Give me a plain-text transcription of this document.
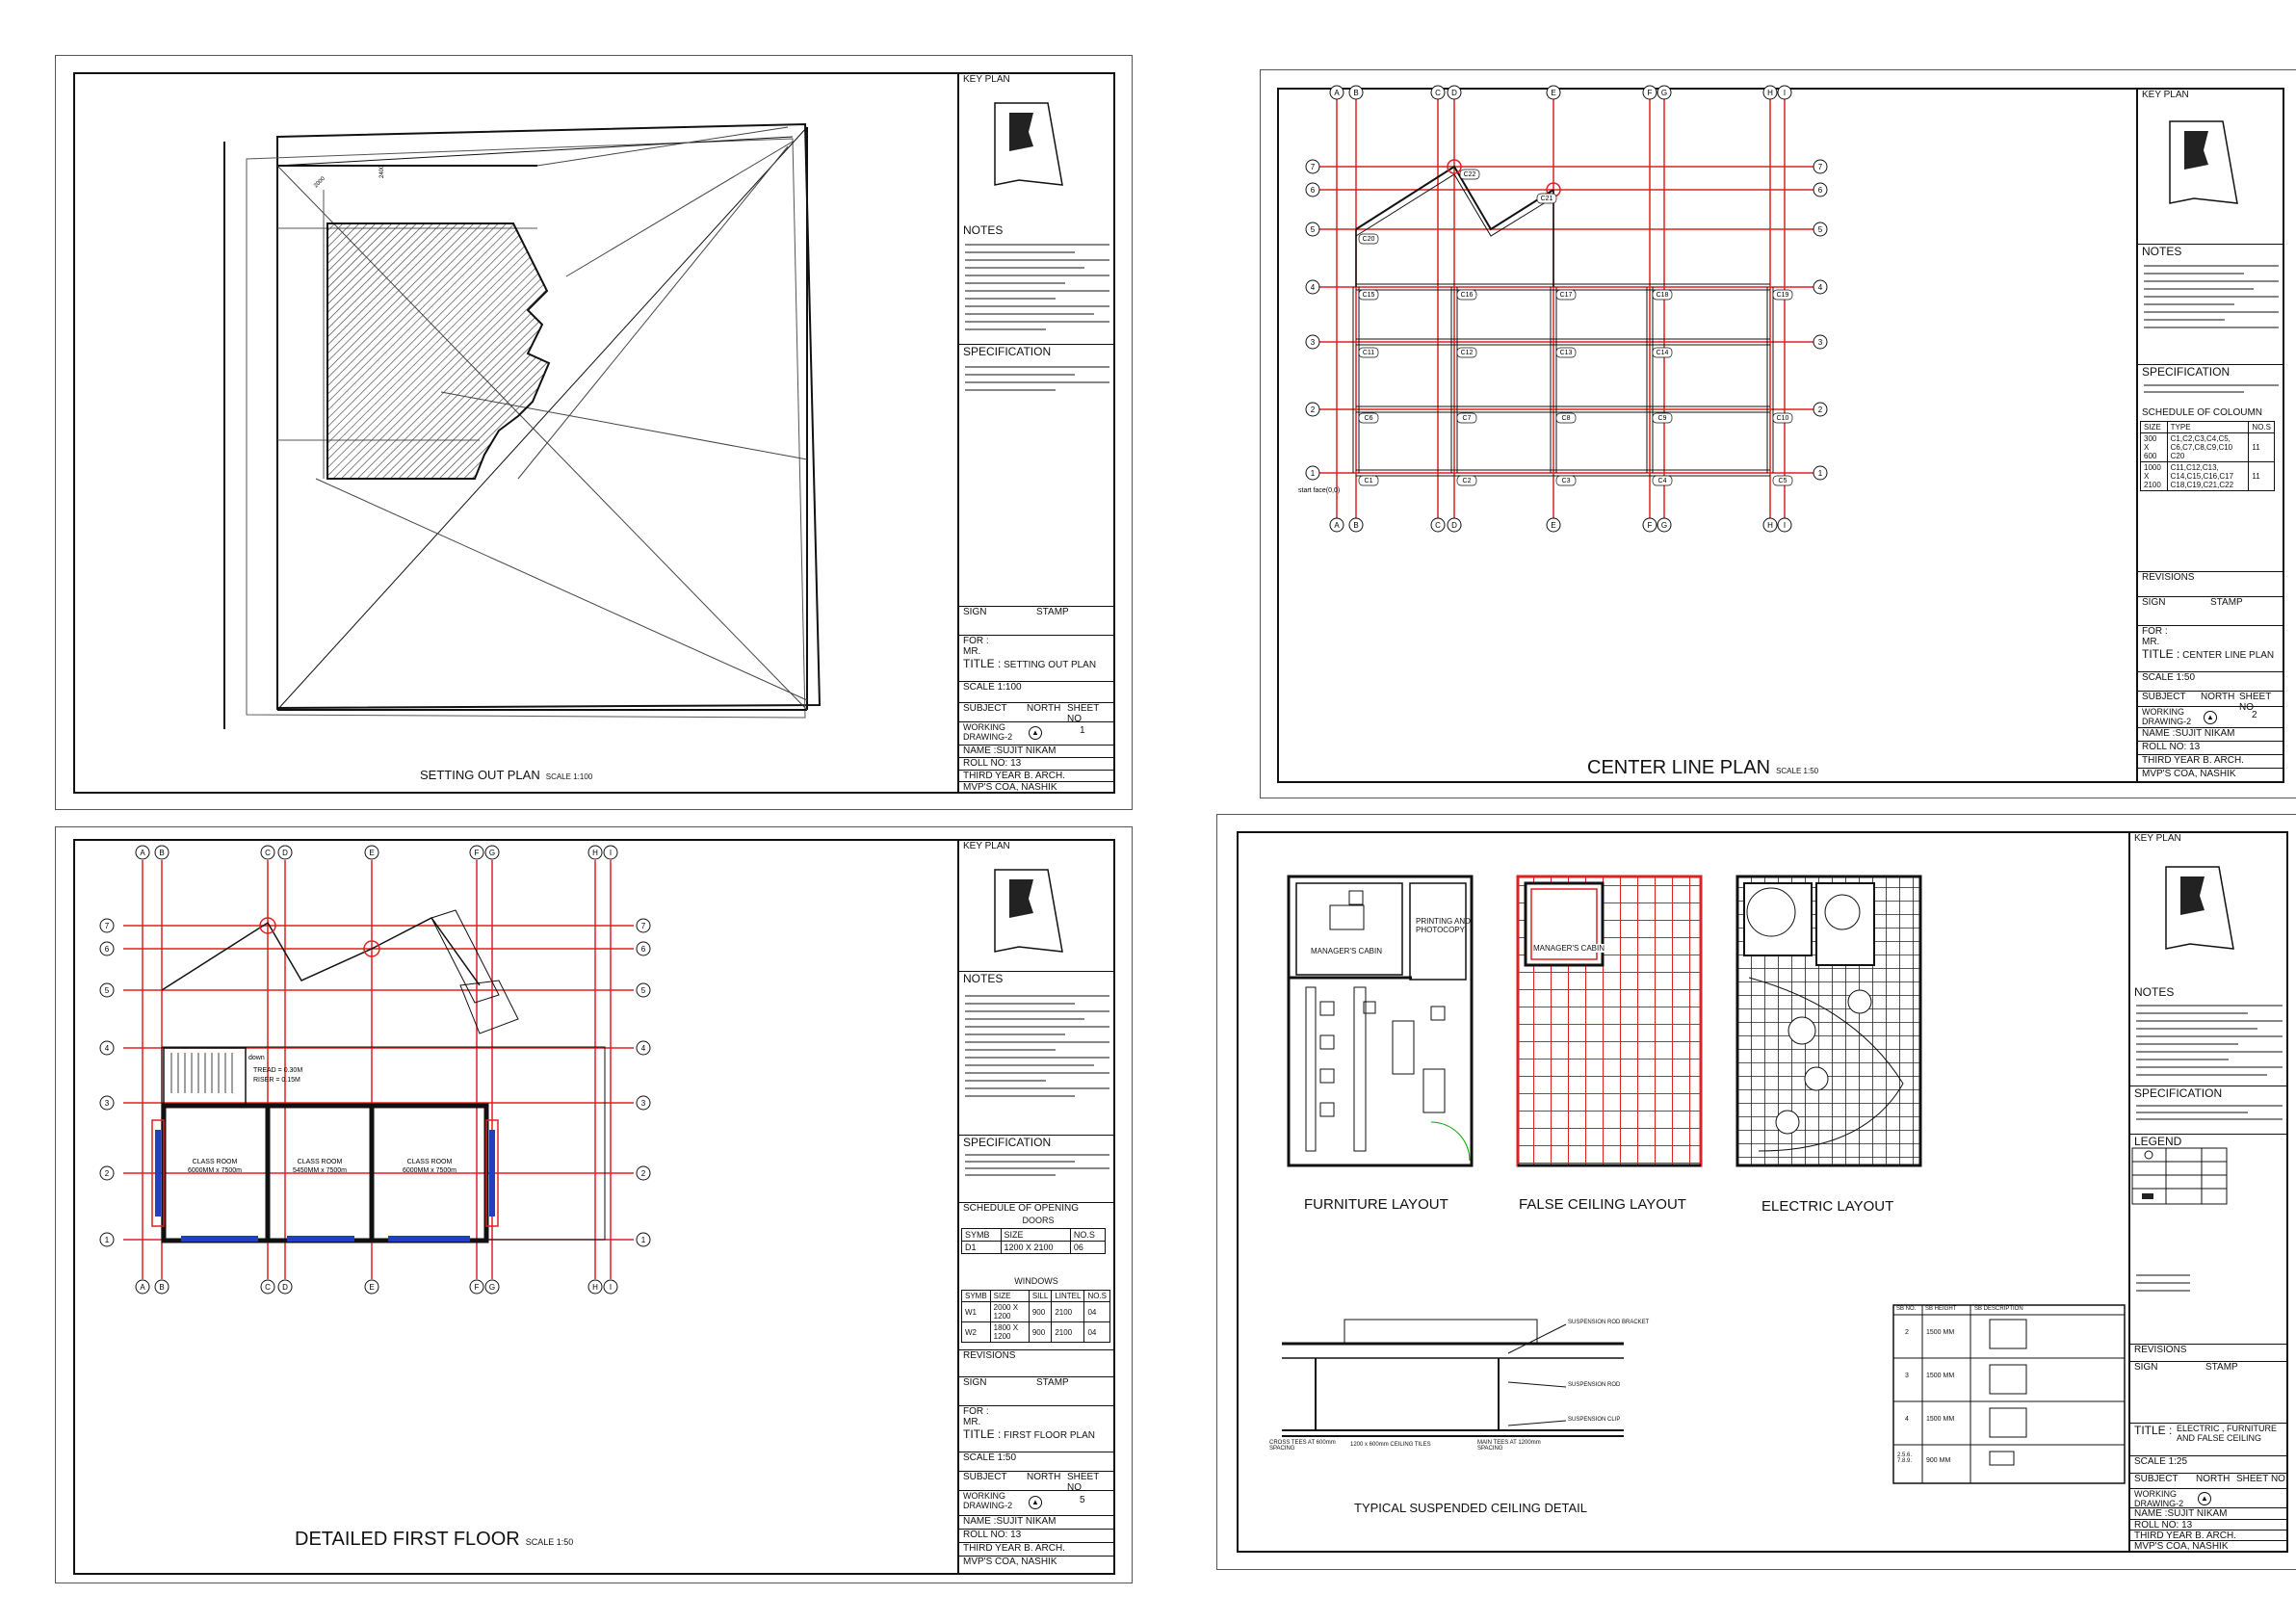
2000
2400
SETTING OUT PLAN SCALE 1:100
KEY PLAN
NOTES
SPECIFICATION
SIGN	STAMP
FOR :
MR.
TITLE : SETTING OUT PLAN
SCALE 1:100
SUBJECT NORTH SHEET NO
WORKING DRAWING-2	▲	1
NAME :SUJIT NIKAM
ROLL NO: 13
THIRD YEAR B. ARCH.
MVP'S COA, NASHIK
A
A
B
B
C
C
D
D
E
E
F
F
G
G
H
H
I
I
7	7
6	6
5	5
4	4
3	3
2	2
1	1
C22
C21
C20
C15	C16	C17	C18	C19
C11	C12	C13	C14
C6	C7	C8	C9	C10
C1	C2	C3	C4	C5
start face(0,0)
CENTER LINE PLAN SCALE 1:50
KEY PLAN
NOTES
SPECIFICATION
SCHEDULE OF COLOUMN
SIZE	TYPE	NO.S
300 X 600	C1,C2,C3,C4,C5, C6,C7,C8,C9,C10 C20	11
1000 X 2100	C11,C12,C13, C14,C15,C16,C17 C18,C19,C21,C22	11
REVISIONS
SIGN	STAMP
FOR :
MR.
TITLE : CENTER LINE PLAN
SCALE 1:50
SUBJECT NORTH SHEET NO
WORKING DRAWING-2	▲	2
NAME :SUJIT NIKAM
ROLL NO: 13
THIRD YEAR B. ARCH.
MVP'S COA, NASHIK
A
A
B
B
C
C
D
D
E
E
F
F
G
G
H
H
I
I
7	7
6	6
5	5
4	4
3	3
2	2
1	1
CLASS ROOM
6000MM x 7500m
CLASS ROOM
5450MM x 7500m
CLASS ROOM
6000MM x 7500m
TREAD = 0.30M
RISER = 0.15M
down
DETAILED FIRST FLOOR SCALE 1:50
KEY PLAN
NOTES
SPECIFICATION
SCHEDULE OF OPENING
DOORS
SYMB	SIZE	NO.S
D1	1200 X 2100	06
WINDOWS
SYMB	SIZE	SILL	LINTEL	NO.S
W1	2000 X 1200	900	2100	04
W2	1800 X 1200	900	2100	04
REVISIONS
SIGN	STAMP
FOR :
MR.
TITLE : FIRST FLOOR PLAN
SCALE 1:50
SUBJECT NORTH SHEET NO
WORKING DRAWING-2	▲	5
NAME :SUJIT NIKAM
ROLL NO: 13
THIRD YEAR B. ARCH.
MVP'S COA, NASHIK
FURNITURE LAYOUT	FALSE CEILING LAYOUT	ELECTRIC LAYOUT
TYPICAL SUSPENDED CEILING DETAIL
MANAGER'S CABIN
PRINTING AND PHOTOCOPY
MANAGER'S CABIN
SUSPENSION ROD BRACKET
SUSPENSION ROD
SUSPENSION CLIP
CROSS TEES AT 600mm SPACING
1200 x 600mm CEILING TILES	MAIN TEES AT 1200mm SPACING
SB NO. SB HEIGHT	SB DESCRIPTION
2	1500 MM
3	1500 MM
4	1500 MM
2.5.6. 7.8.9.	900 MM
KEY PLAN
NOTES
SPECIFICATION
LEGEND
REVISIONS
SIGN	STAMP
TITLE : ELECTRIC , FURNITURE AND FALSE CEILING
SCALE 1:25
SUBJECT NORTH SHEET NO
WORKING DRAWING-2
▲
NAME :SUJIT NIKAM
ROLL NO: 13
THIRD YEAR B. ARCH.
MVP'S COA, NASHIK
